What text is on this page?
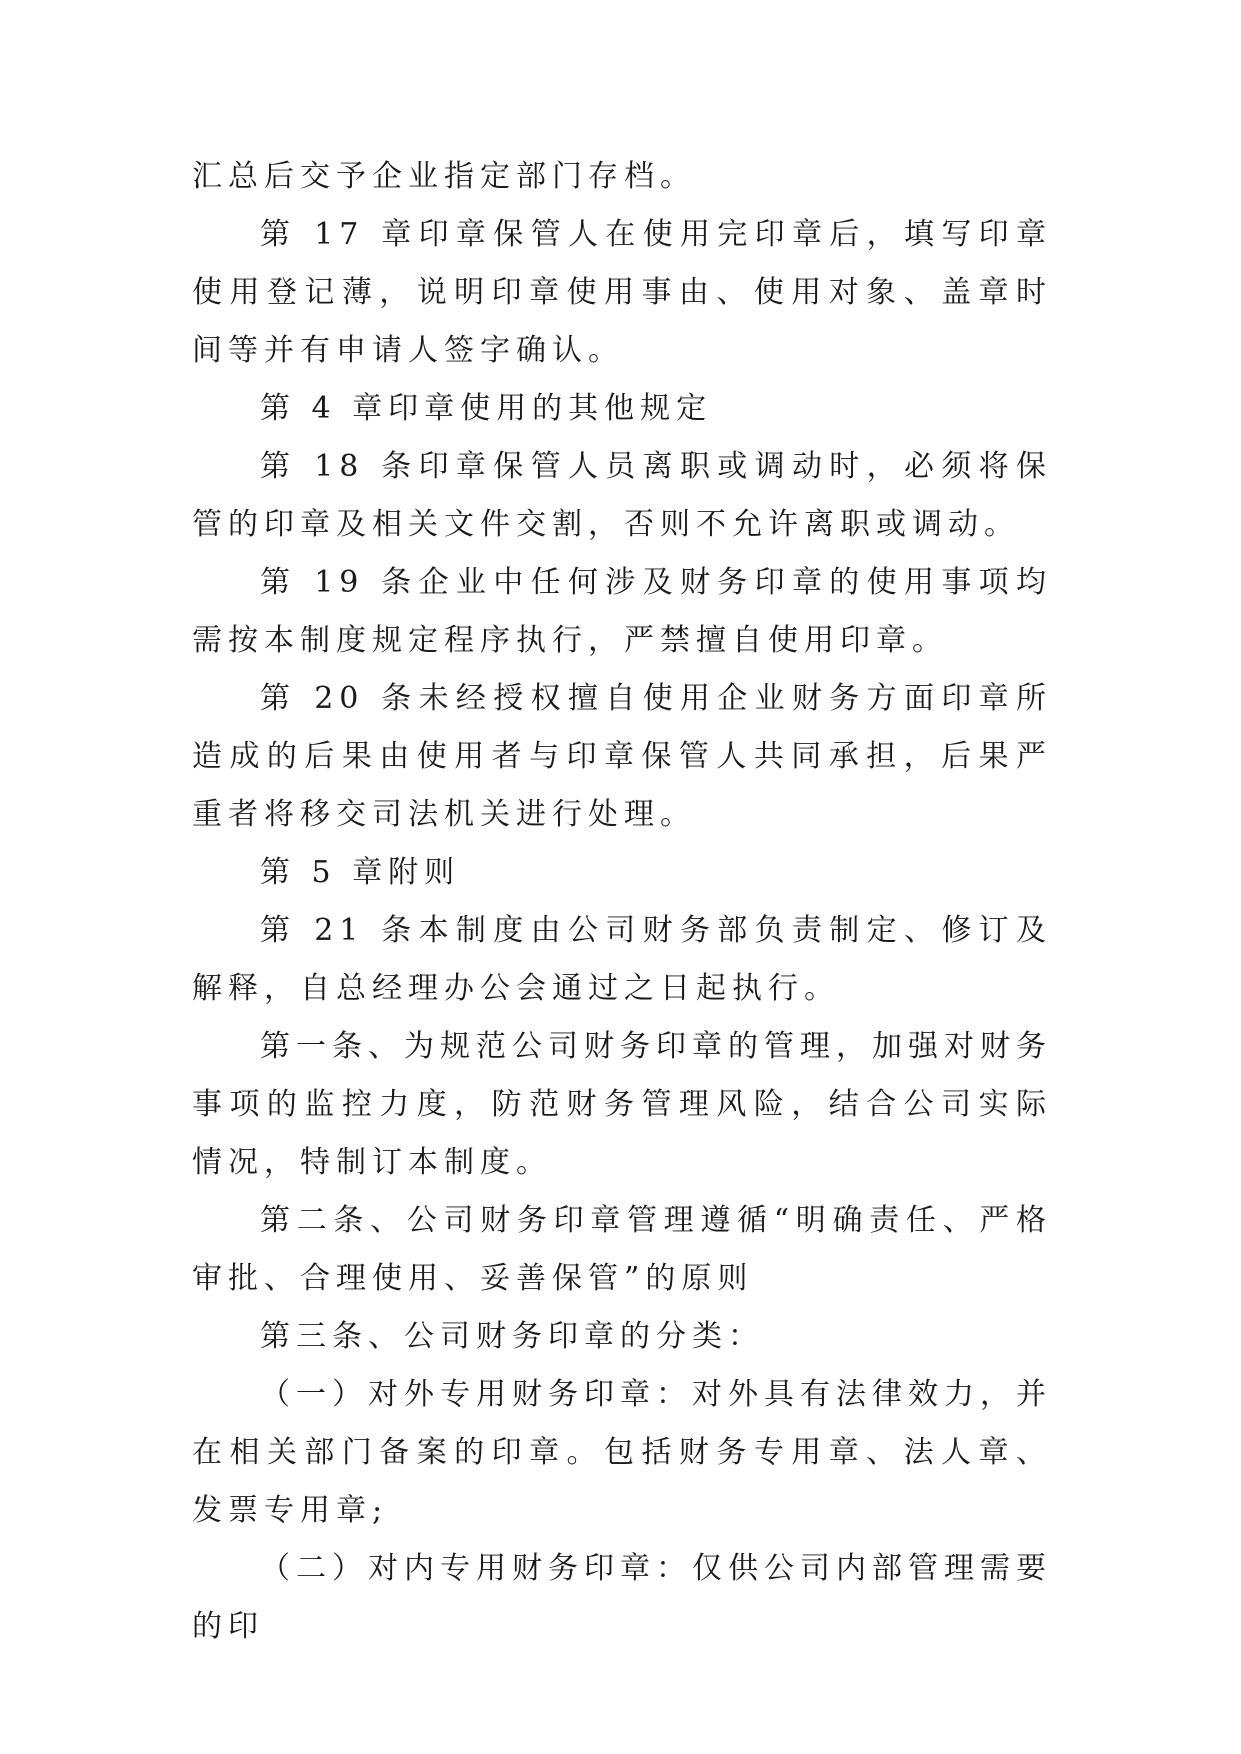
汇总后交予企业指定部门存档。

第 17 章印章保管人在使用完印章后，填写印章使用登记薄，说明印章使用事由、使用对象、盖章时间等并有申请人签字确认。

第 4 章印章使用的其他规定

第 18 条印章保管人员离职或调动时，必须将保管的印章及相关文件交割，否则不允许离职或调动。

第 19 条企业中任何涉及财务印章的使用事项均需按本制度规定程序执行，严禁擅自使用印章。

第 20 条未经授权擅自使用企业财务方面印章所造成的后果由使用者与印章保管人共同承担，后果严重者将移交司法机关进行处理。

第 5 章附则

第 21 条本制度由公司财务部负责制定、修订及解释，自总经理办公会通过之日起执行。

第一条、为规范公司财务印章的管理，加强对财务事项的监控力度，防范财务管理风险，结合公司实际情况，特制订本制度。

第二条、公司财务印章管理遵循“明确责任、严格审批、合理使用、妥善保管”的原则

第三条、公司财务印章的分类：

（一）对外专用财务印章：对外具有法律效力，并在相关部门备案的印章。包括财务专用章、法人章、发票专用章;

（二）对内专用财务印章：仅供公司内部管理需要的印
